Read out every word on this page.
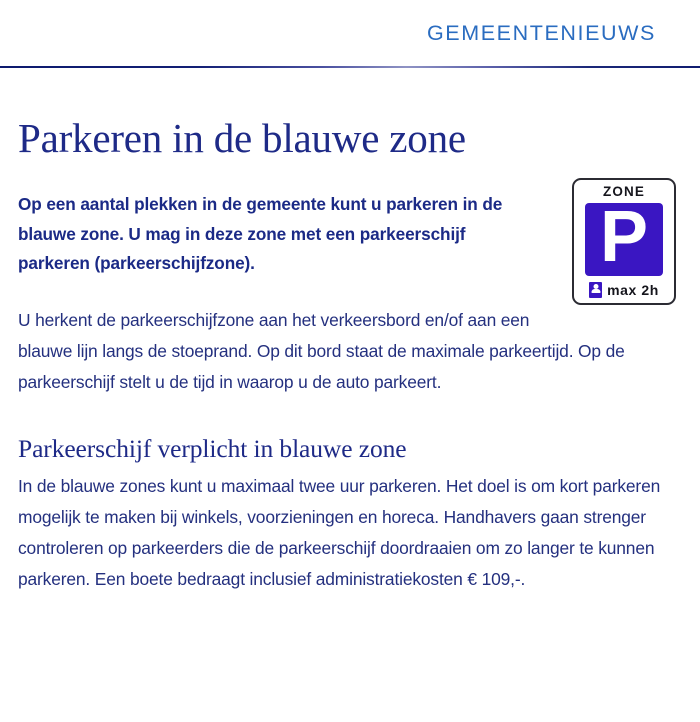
GEMEENTENIEUWS
Parkeren in de blauwe zone
ZONE
P
max 2h

Op een aantal plekken in de gemeente kunt u parkeren in de blauwe zone. U mag in deze zone met een parkeerschijf parkeren (parkeerschijfzone).

U herkent de parkeerschijfzone aan het verkeersbord en/of aan een blauwe lijn langs de stoeprand. Op dit bord staat de maximale parkeertijd. Op de parkeerschijf stelt u de tijd in waarop u de auto parkeert.

Parkeerschijf verplicht in blauwe zone

In de blauwe zones kunt u maximaal twee uur parkeren. Het doel is om kort parkeren mogelijk te maken bij winkels, voorzieningen en horeca. Handhavers gaan strenger controleren op parkeerders die de parkeerschijf doordraaien om zo langer te kunnen parkeren. Een boete bedraagt inclusief administratiekosten € 109,-.
